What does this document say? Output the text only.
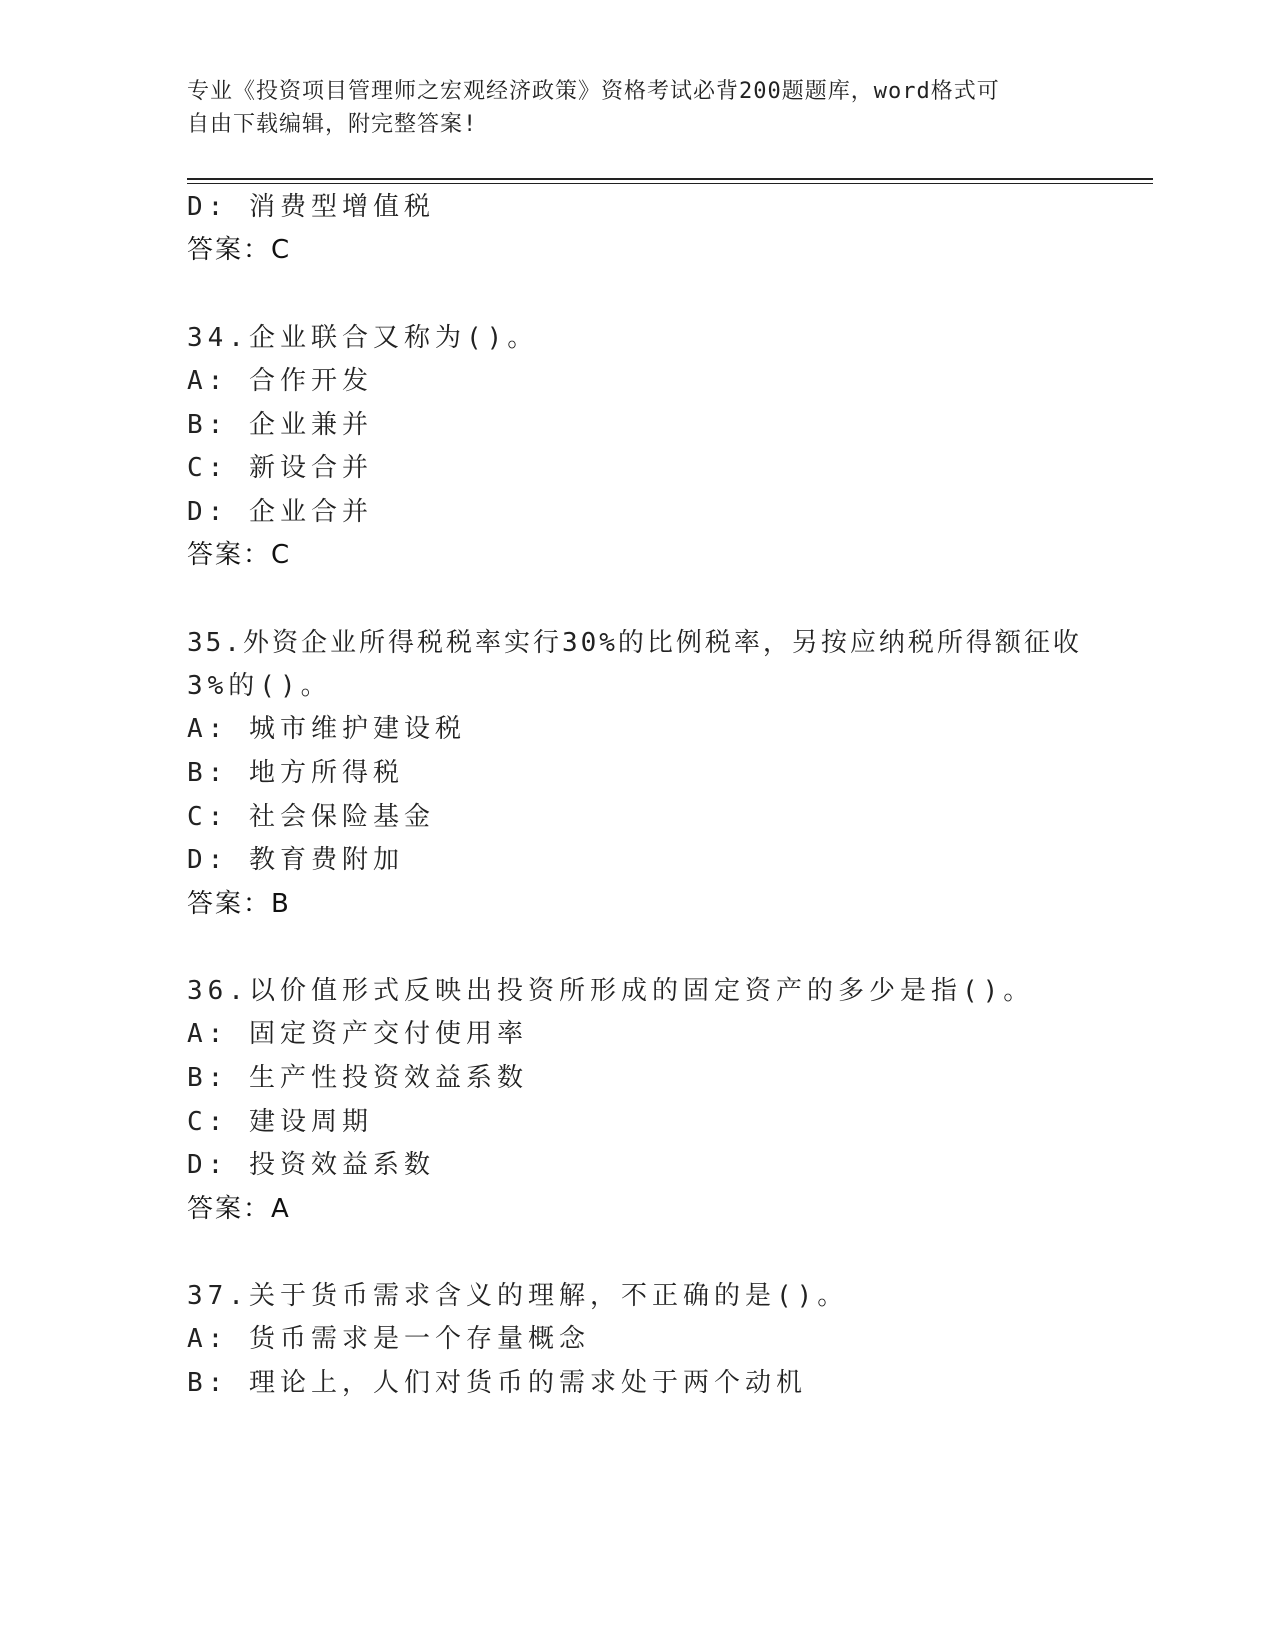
专业《投资项目管理师之宏观经济政策》资格考试必背200题题库，word格式可
自由下载编辑，附完整答案!
D: 消费型增值税
答案：C
34.企业联合又称为()。
A: 合作开发
B: 企业兼并
C: 新设合并
D: 企业合并
答案：C
35.外资企业所得税税率实行30%的比例税率，另按应纳税所得额征收
3%的()。
A: 城市维护建设税
B: 地方所得税
C: 社会保险基金
D: 教育费附加
答案：B
36.以价值形式反映出投资所形成的固定资产的多少是指()。
A: 固定资产交付使用率
B: 生产性投资效益系数
C: 建设周期
D: 投资效益系数
答案：A
37.关于货币需求含义的理解，不正确的是()。
A: 货币需求是一个存量概念
B: 理论上，人们对货币的需求处于两个动机
